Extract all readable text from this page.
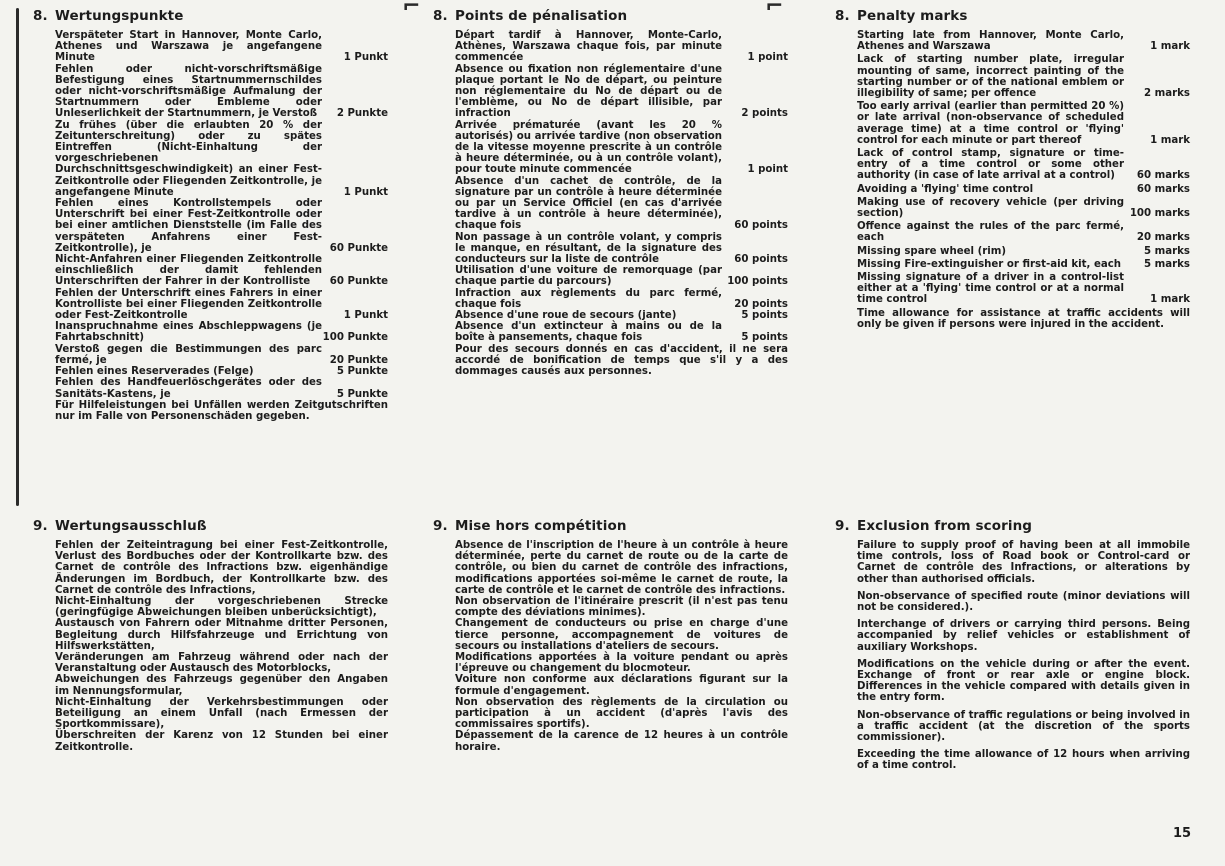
⌐	⌐
8. Wertungspunkte
Verspäteter Start in Hannover, Monte Carlo, Athenes und Warszawa je angefangene Minute	1 Punkt
Fehlen oder nicht-vorschriftsmäßige Befestigung eines Startnummernschildes oder nicht-vorschriftsmäßige Aufmalung der Startnummern oder Embleme oder Unleserlichkeit der Startnummern, je Verstoß	2 Punkte
Zu frühes (über die erlaubten 20 % der Zeitunterschreitung) oder zu spätes Eintreffen (Nicht-Einhaltung der vorgeschriebenen Durchschnittsgeschwindigkeit) an einer Fest-Zeitkontrolle oder Fliegenden Zeitkontrolle, je angefangene Minute	1 Punkt
Fehlen eines Kontrollstempels oder Unterschrift bei einer Fest-Zeitkontrolle oder bei einer amtlichen Dienststelle (im Falle des verspäteten Anfahrens einer Fest-Zeitkontrolle), je	60 Punkte
Nicht-Anfahren einer Fliegenden Zeitkontrolle einschließlich der damit fehlenden Unterschriften der Fahrer in der Kontrolliste	60 Punkte
Fehlen der Unterschrift eines Fahrers in einer Kontrolliste bei einer Fliegenden Zeitkontrolle oder Fest-Zeitkontrolle	1 Punkt
Inanspruchnahme eines Abschleppwagens (je Fahrtabschnitt)	100 Punkte
Verstoß gegen die Bestimmungen des parc fermé, je	20 Punkte
Fehlen eines Reserverades (Felge)	5 Punkte
Fehlen des Handfeuerlöschgerätes oder des Sanitäts-Kastens, je	5 Punkte
Für Hilfeleistungen bei Unfällen werden Zeitgutschriften nur im Falle von Personenschäden gegeben.
9. Wertungsausschluß
Fehlen der Zeiteintragung bei einer Fest-Zeitkontrolle, Verlust des Bordbuches oder der Kontrollkarte bzw. des Carnet de contrôle des Infractions bzw. eigenhändige Änderungen im Bordbuch, der Kontrollkarte bzw. des Carnet de contrôle des Infractions,
Nicht-Einhaltung der vorgeschriebenen Strecke (geringfügige Abweichungen bleiben unberücksichtigt),
Austausch von Fahrern oder Mitnahme dritter Personen, Begleitung durch Hilfsfahrzeuge und Errichtung von Hilfswerkstätten,
Veränderungen am Fahrzeug während oder nach der Veranstaltung oder Austausch des Motorblocks,
Abweichungen des Fahrzeugs gegenüber den Angaben im Nennungsformular,
Nicht-Einhaltung der Verkehrsbestimmungen oder Beteiligung an einem Unfall (nach Ermessen der Sportkommissare),
Überschreiten der Karenz von 12 Stunden bei einer Zeitkontrolle.
8. Points de pénalisation
Départ tardif à Hannover, Monte-Carlo, Athènes, Warszawa chaque fois, par minute commencée	1 point
Absence ou fixation non réglementaire d'une plaque portant le No de départ, ou peinture non réglementaire du No de départ ou de l'emblème, ou No de départ illisible, par infraction	2 points
Arrivée prématurée (avant les 20 % autorisés) ou arrivée tardive (non observation de la vitesse moyenne prescrite à un contrôle à heure déterminée, ou à un contrôle volant), pour toute minute commencée	1 point
Absence d'un cachet de contrôle, de la signature par un contrôle à heure déterminée ou par un Service Officiel (en cas d'arrivée tardive à un contrôle à heure déterminée), chaque fois	60 points
Non passage à un contrôle volant, y compris le manque, en résultant, de la signature des conducteurs sur la liste de contrôle	60 points
Utilisation d'une voiture de remorquage (par chaque partie du parcours)	100 points
Infraction aux règlements du parc fermé, chaque fois	20 points
Absence d'une roue de secours (jante)	5 points
Absence d'un extincteur à mains ou de la boîte à pansements, chaque fois	5 points
Pour des secours donnés en cas d'accident, il ne sera accordé de bonification de temps que s'il y a des dommages causés aux personnes.
9. Mise hors compétition
Absence de l'inscription de l'heure à un contrôle à heure déterminée, perte du carnet de route ou de la carte de contrôle, ou bien du carnet de contrôle des infractions, modifications apportées soi-même le carnet de route, la carte de contrôle et le carnet de contrôle des infractions.
Non observation de l'itinéraire prescrit (il n'est pas tenu compte des déviations minimes).
Changement de conducteurs ou prise en charge d'une tierce personne, accompagnement de voitures de secours ou installations d'ateliers de secours.
Modifications apportées à la voiture pendant ou après l'épreuve ou changement du blocmoteur.
Voiture non conforme aux déclarations figurant sur la formule d'engagement.
Non observation des règlements de la circulation ou participation à un accident (d'après l'avis des commissaires sportifs).
Dépassement de la carence de 12 heures à un contrôle horaire.
8. Penalty marks
Starting late from Hannover, Monte Carlo, Athenes and Warszawa	1 mark
Lack of starting number plate, irregular mounting of same, incorrect painting of the starting number or of the national emblem or illegibility of same; per offence	2 marks
Too early arrival (earlier than permitted 20 %) or late arrival (non-observance of scheduled average time) at a time control or 'flying' control for each minute or part thereof	1 mark
Lack of control stamp, signature or time-entry of a time control or some other authority (in case of late arrival at a control)	60 marks
Avoiding a 'flying' time control	60 marks
Making use of recovery vehicle (per driving section)	100 marks
Offence against the rules of the parc fermé, each	20 marks
Missing spare wheel (rim)	5 marks
Missing Fire-extinguisher or first-aid kit, each	5 marks
Missing signature of a driver in a control-list either at a 'flying' time control or at a normal time control	1 mark
Time allowance for assistance at traffic accidents will only be given if persons were injured in the accident.
9. Exclusion from scoring
Failure to supply proof of having been at all immobile time controls, loss of Road book or Control-card or Carnet de contrôle des Infractions, or alterations by other than authorised officials.
Non-observance of specified route (minor deviations will not be considered.).
Interchange of drivers or carrying third persons. Being accompanied by relief vehicles or establishment of auxiliary Workshops.
Modifications on the vehicle during or after the event. Exchange of front or rear axle or engine block. Differences in the vehicle compared with details given in the entry form.
Non-observance of traffic regulations or being involved in a traffic accident (at the discretion of the sports commissioner).
Exceeding the time allowance of 12 hours when arriving of a time control.
15
